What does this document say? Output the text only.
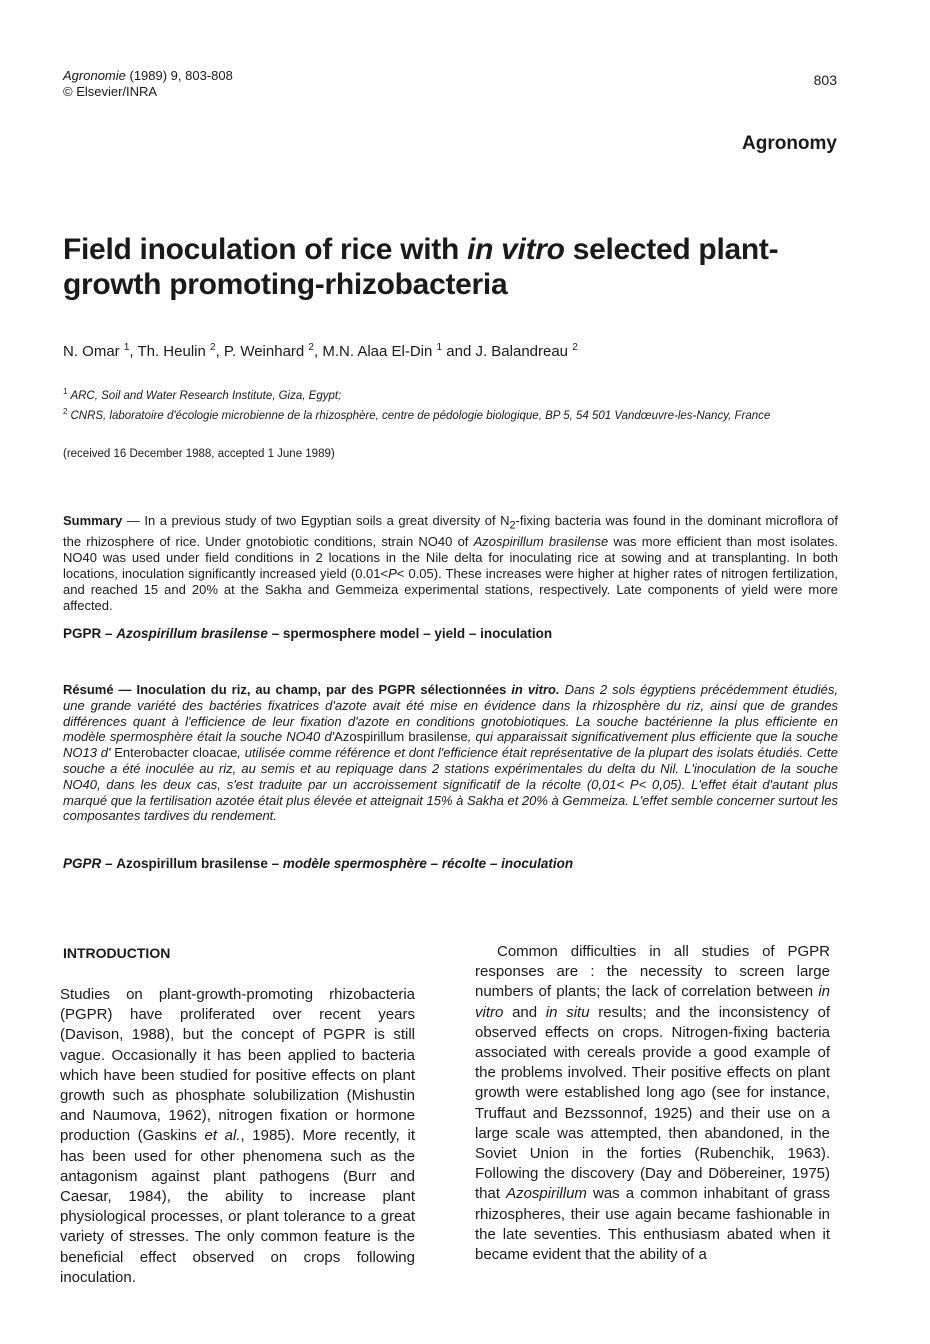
Agronomie (1989) 9, 803-808
© Elsevier/INRA
803
Agronomy
Field inoculation of rice with in vitro selected plant-growth promoting-rhizobacteria
N. Omar $^1$, Th. Heulin $^2$, P. Weinhard $^2$, M.N. Alaa El-Din $^1$ and J. Balandreau $^2$
$^1$ ARC, Soil and Water Research Institute, Giza, Egypt;
$^2$ CNRS, laboratoire d'écologie microbienne de la rhizosphère, centre de pédologie biologique, BP 5, 54 501 Vandœuvre-les-Nancy, France
(received 16 December 1988, accepted 1 June 1989)
Summary — In a previous study of two Egyptian soils a great diversity of $N_2$-fixing bacteria was found in the dominant microflora of the rhizosphere of rice. Under gnotobiotic conditions, strain NO40 of Azospirillum brasilense was more efficient than most isolates. NO40 was used under field conditions in 2 locations in the Nile delta for inoculating rice at sowing and at transplanting. In both locations, inoculation significantly increased yield (0.01<P< 0.05). These increases were higher at higher rates of nitrogen fertilization, and reached 15 and 20% at the Sakha and Gemmeiza experimental stations, respectively. Late components of yield were more affected.
PGPR – Azospirillum brasilense – spermosphere model – yield – inoculation
Résumé — Inoculation du riz, au champ, par des PGPR sélectionnées in vitro. Dans 2 sols égyptiens précédemment étudiés, une grande variété des bactéries fixatrices d'azote avait été mise en évidence dans la rhizosphère du riz, ainsi que de grandes différences quant à l'efficience de leur fixation d'azote en conditions gnotobiotiques. La souche bactérienne la plus efficiente en modèle spermosphère était la souche NO40 d'Azospirillum brasilense, qui apparaissait significativement plus efficiente que la souche NO13 d' Enterobacter cloacae, utilisée comme référence et dont l'efficience était représentative de la plupart des isolats étudiés. Cette souche a été inoculée au riz, au semis et au repiquage dans 2 stations expérimentales du delta du Nil. L'inoculation de la souche NO40, dans les deux cas, s'est traduite par un accroissement significatif de la récolte (0,01< P< 0,05). L'effet était d'autant plus marqué que la fertilisation azotée était plus élevée et atteignait 15% à Sakha et 20% à Gemmeiza. L'effet semble concerner surtout les composantes tardives du rendement.
PGPR – Azospirillum brasilense – modèle spermosphère – récolte – inoculation
INTRODUCTION
Studies on plant-growth-promoting rhizobacteria (PGPR) have proliferated over recent years (Davison, 1988), but the concept of PGPR is still vague. Occasionally it has been applied to bacteria which have been studied for positive effects on plant growth such as phosphate solubilization (Mishustin and Naumova, 1962), nitrogen fixation or hormone production (Gaskins et al., 1985). More recently, it has been used for other phenomena such as the antagonism against plant pathogens (Burr and Caesar, 1984), the ability to increase plant physiological processes, or plant tolerance to a great variety of stresses. The only common feature is the beneficial effect observed on crops following inoculation.
Common difficulties in all studies of PGPR responses are : the necessity to screen large numbers of plants; the lack of correlation between in vitro and in situ results; and the inconsistency of observed effects on crops. Nitrogen-fixing bacteria associated with cereals provide a good example of the problems involved. Their positive effects on plant growth were established long ago (see for instance, Truffaut and Bezssonnof, 1925) and their use on a large scale was attempted, then abandoned, in the Soviet Union in the forties (Rubenchik, 1963). Following the discovery (Day and Döbereiner, 1975) that Azospirillum was a common inhabitant of grass rhizospheres, their use again became fashionable in the late seventies. This enthusiasm abated when it became evident that the ability of a
